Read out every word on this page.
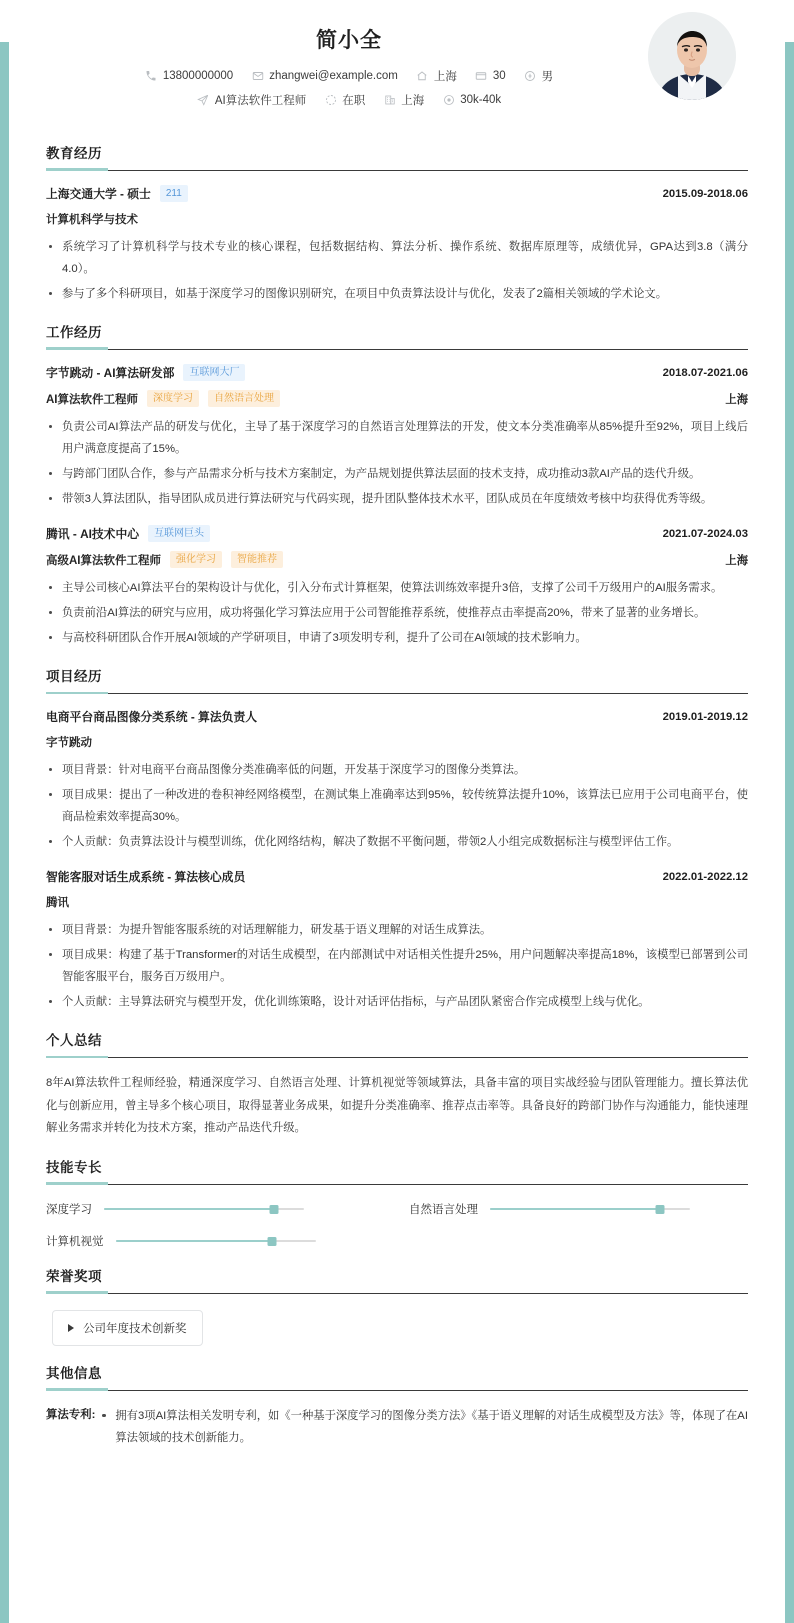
简小全
13800000000	zhangwei@example.com	上海	30	男
AI算法软件工程师	在职	上海	30k-40k
教育经历
上海交通大学 - 硕士	211	2015.09-2018.06
计算机科学与技术
系统学习了计算机科学与技术专业的核心课程，包括数据结构、算法分析、操作系统、数据库原理等，成绩优异，GPA达到3.8（满分4.0）。
参与了多个科研项目，如基于深度学习的图像识别研究，在项目中负责算法设计与优化，发表了2篇相关领域的学术论文。
工作经历
字节跳动 - AI算法研发部	互联网大厂	2018.07-2021.06
AI算法软件工程师	深度学习	自然语言处理	上海
负责公司AI算法产品的研发与优化，主导了基于深度学习的自然语言处理算法的开发，使文本分类准确率从85%提升至92%，项目上线后用户满意度提高了15%。
与跨部门团队合作，参与产品需求分析与技术方案制定，为产品规划提供算法层面的技术支持，成功推动3款AI产品的迭代升级。
带领3人算法团队，指导团队成员进行算法研究与代码实现，提升团队整体技术水平，团队成员在年度绩效考核中均获得优秀等级。
腾讯 - AI技术中心	互联网巨头	2021.07-2024.03
高级AI算法软件工程师	强化学习	智能推荐	上海
主导公司核心AI算法平台的架构设计与优化，引入分布式计算框架，使算法训练效率提升3倍，支撑了公司千万级用户的AI服务需求。
负责前沿AI算法的研究与应用，成功将强化学习算法应用于公司智能推荐系统，使推荐点击率提高20%，带来了显著的业务增长。
与高校科研团队合作开展AI领域的产学研项目，申请了3项发明专利，提升了公司在AI领域的技术影响力。
项目经历
电商平台商品图像分类系统 - 算法负责人	2019.01-2019.12
字节跳动
项目背景：针对电商平台商品图像分类准确率低的问题，开发基于深度学习的图像分类算法。
项目成果：提出了一种改进的卷积神经网络模型，在测试集上准确率达到95%，较传统算法提升10%，该算法已应用于公司电商平台，使商品检索效率提高30%。
个人贡献：负责算法设计与模型训练，优化网络结构，解决了数据不平衡问题，带领2人小组完成数据标注与模型评估工作。
智能客服对话生成系统 - 算法核心成员	2022.01-2022.12
腾讯
项目背景：为提升智能客服系统的对话理解能力，研发基于语义理解的对话生成算法。
项目成果：构建了基于Transformer的对话生成模型，在内部测试中对话相关性提升25%，用户问题解决率提高18%，该模型已部署到公司智能客服平台，服务百万级用户。
个人贡献：主导算法研究与模型开发，优化训练策略，设计对话评估指标，与产品团队紧密合作完成模型上线与优化。
个人总结

8年AI算法软件工程师经验，精通深度学习、自然语言处理、计算机视觉等领域算法，具备丰富的项目实战经验与团队管理能力。擅长算法优化与创新应用，曾主导多个核心项目，取得显著业务成果，如提升分类准确率、推荐点击率等。具备良好的跨部门协作与沟通能力，能快速理解业务需求并转化为技术方案，推动产品迭代升级。

技能专长
深度学习	自然语言处理
计算机视觉
荣誉奖项
公司年度技术创新奖
其他信息
算法专利:	拥有3项AI算法相关发明专利，如《一种基于深度学习的图像分类方法》《基于语义理解的对话生成模型及方法》等，体现了在AI算法领域的技术创新能力。
